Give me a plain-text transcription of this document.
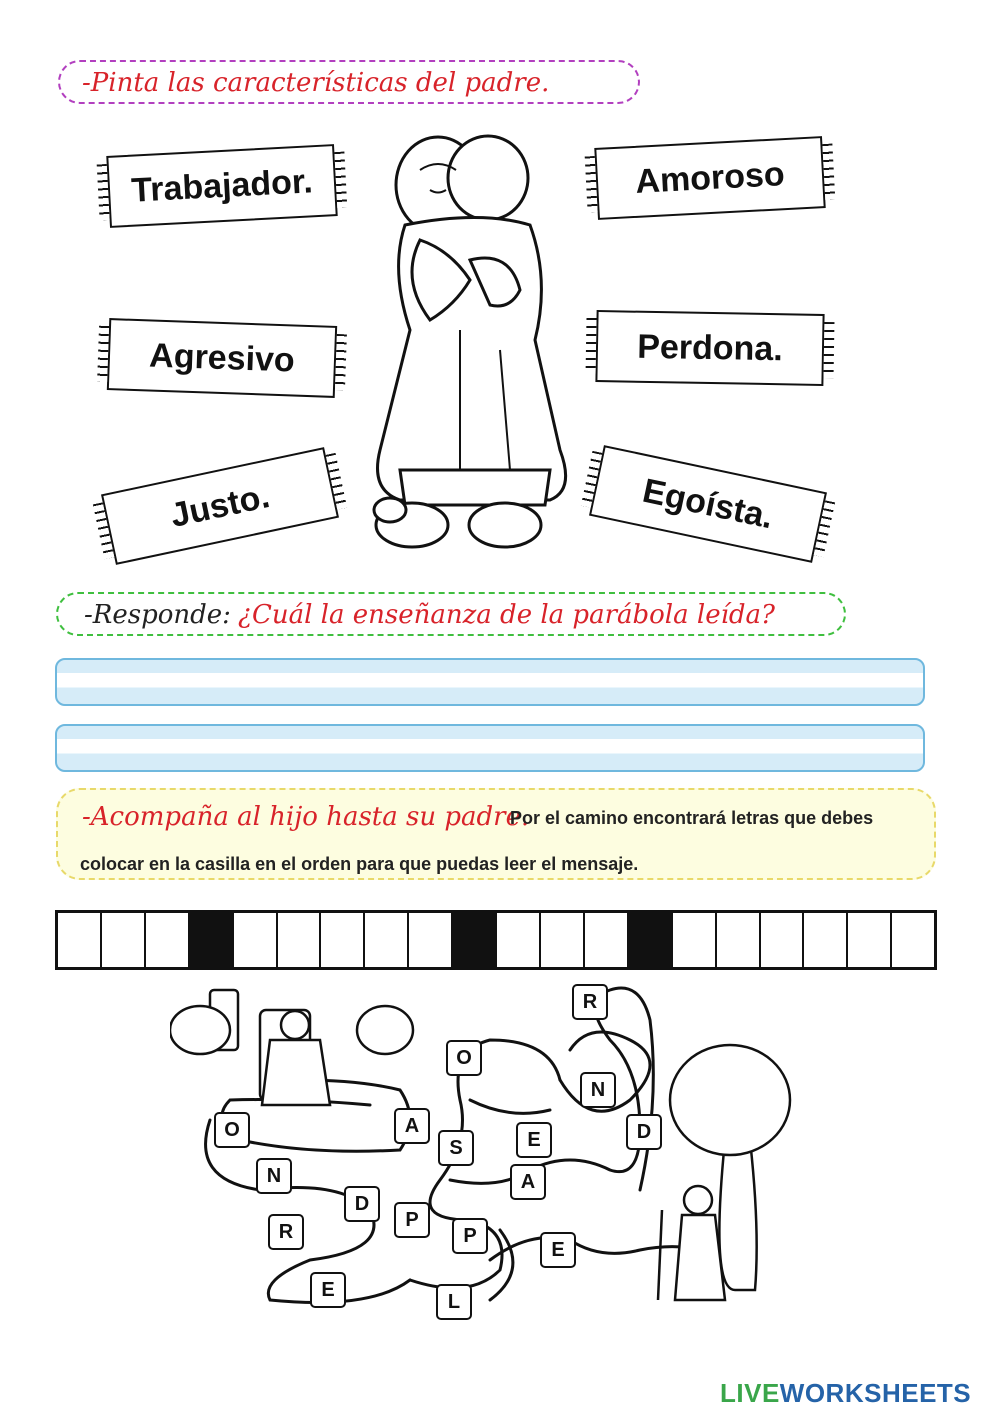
-Pinta las características del padre.
Trabajador.	Amoroso
Agresivo	Perdona.
Justo.	Egoísta.
-Responde: ¿Cuál la enseñanza de la parábola leída?
-Acompaña al hijo hasta su padre.
Por el camino encontrará letras que debes
colocar en la casilla en el orden para que puedas leer el mensaje.
R
O
N
O	A
S	E	D
N	A
D
P
R	P
E
E
L
LIVEWORKSHEETS
